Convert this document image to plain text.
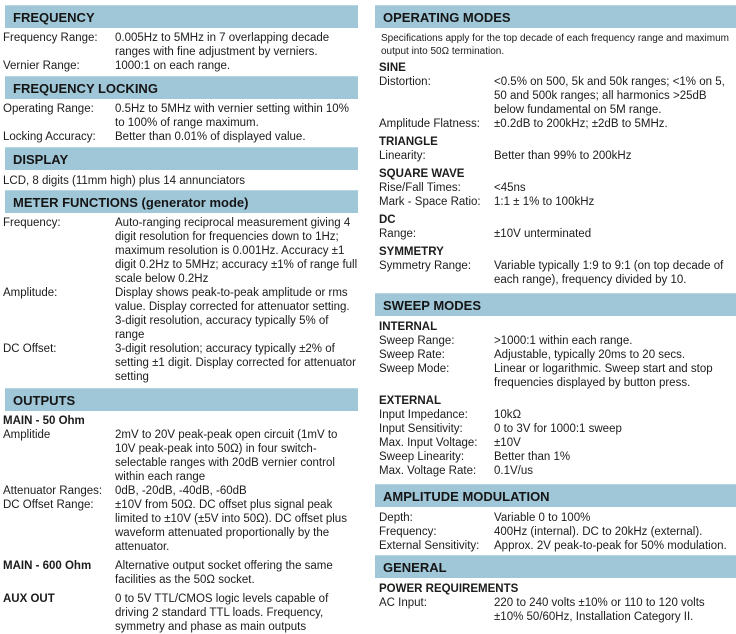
FREQUENCY
Frequency Range:	0.005Hz to 5MHz in 7 overlapping decade ranges with fine adjustment by verniers.
Vernier Range:	1000:1 on each range.
FREQUENCY LOCKING
Operating Range:	0.5Hz to 5MHz with vernier setting within 10% to 100% of range maximum.
Locking Accuracy:	Better than 0.01% of displayed value.
DISPLAY
LCD, 8 digits (11mm high) plus 14 annunciators
METER FUNCTIONS (generator mode)
Frequency:	Auto-ranging reciprocal measurement giving 4 digit resolution for frequencies down to 1Hz; maximum resolution is 0.001Hz. Accuracy ±1 digit 0.2Hz to 5MHz; accuracy ±1% of range full scale below 0.2Hz
Amplitude:	Display shows peak-to-peak amplitude or rms value. Display corrected for attenuator setting. 3-digit resolution, accuracy typically 5% of range
DC Offset:	3-digit resolution; accuracy typically ±2% of setting ±1 digit. Display corrected for attenuator setting
OUTPUTS
MAIN - 50 Ohm
Amplitide	2mV to 20V peak-peak open circuit (1mV to 10V peak-peak into 50Ω) in four switch-selectable ranges with 20dB vernier control within each range
Attenuator Ranges:	0dB, -20dB, -40dB, -60dB
DC Offset Range:	±10V from 50Ω. DC offset plus signal peak limited to ±10V (±5V into 50Ω). DC offset plus waveform attenuated proportionally by the attenuator.
MAIN - 600 Ohm	Alternative output socket offering the same facilities as the 50Ω socket.
AUX OUT	0 to 5V TTL/CMOS logic levels capable of driving 2 standard TTL loads. Frequency, symmetry and phase as main outputs
OPERATING MODES
Specifications apply for the top decade of each frequency range and maximum output into 50Ω termination.
SINE
Distortion:	<0.5% on 500, 5k and 50k ranges; <1% on 5, 50 and 500k ranges; all harmonics >25dB below fundamental on 5M range.
Amplitude Flatness:	±0.2dB to 200kHz; ±2dB to 5MHz.
TRIANGLE
Linearity:	Better than 99% to 200kHz
SQUARE WAVE
Rise/Fall Times:	<45ns
Mark - Space Ratio:	1:1 ± 1% to 100kHz
DC
Range:	±10V unterminated
SYMMETRY
Symmetry Range:	Variable typically 1:9 to 9:1 (on top decade of each range), frequency divided by 10.
SWEEP MODES
INTERNAL
Sweep Range:	>1000:1 within each range.
Sweep Rate:	Adjustable, typically 20ms to 20 secs.
Sweep Mode:	Linear or logarithmic. Sweep start and stop frequencies displayed by button press.
EXTERNAL
Input Impedance:	10kΩ
Input Sensitivity:	0 to 3V for 1000:1 sweep
Max. Input Voltage:	±10V
Sweep Linearity:	Better than 1%
Max. Voltage Rate:	0.1V/us
AMPLITUDE MODULATION
Depth:	Variable 0 to 100%
Frequency:	400Hz (internal). DC to 20kHz (external).
External Sensitivity:	Approx. 2V peak-to-peak for 50% modulation.
GENERAL
POWER REQUIREMENTS
AC Input:	220 to 240 volts ±10% or 110 to 120 volts ±10% 50/60Hz, Installation Category II.
